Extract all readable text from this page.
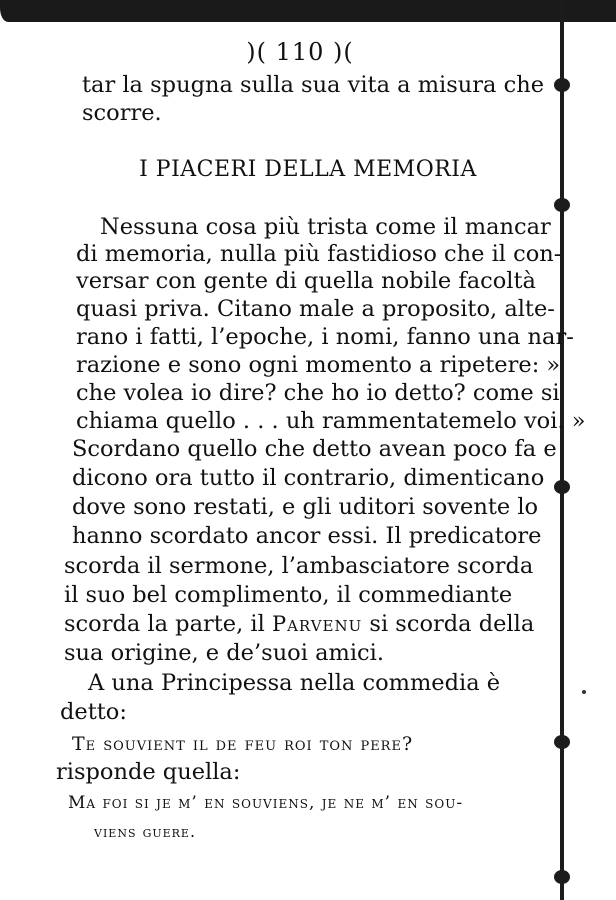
)( 110 )(
tar la spugna sulla sua vita a misura che
scorre.
I PIACERI DELLA MEMORIA
Nessuna cosa più trista come il mancar
di memoria, nulla più fastidioso che il con-
versar con gente di quella nobile facoltà
quasi priva. Citano male a proposito, alte-
rano i fatti, l’epoche, i nomi, fanno una nar-
razione e sono ogni momento a ripetere: »
che volea io dire? che ho io detto? come si
chiama quello . . . uh rammentatemelo voi. »
Scordano quello che detto avean poco fa e
dicono ora tutto il contrario, dimenticano
dove sono restati, e gli uditori sovente lo
hanno scordato ancor essi. Il predicatore
scorda il sermone, l’ambasciatore scorda
il suo bel complimento, il commediante
scorda la parte, il Parvenu si scorda della
sua origine, e de’suoi amici.
A una Principessa nella commedia è
detto:
Te souvient il de feu roi ton pere?
risponde quella:
Ma foi si je m’ en souviens, je ne m’ en sou-
viens guere.
